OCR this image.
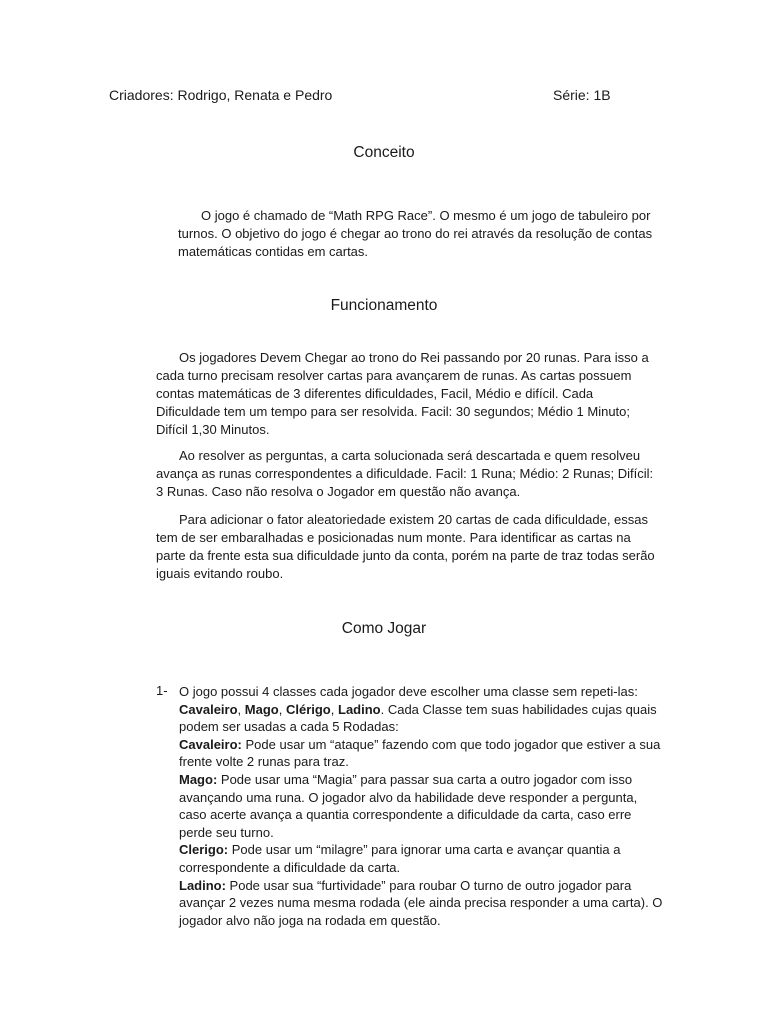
Criadores: Rodrigo, Renata e Pedro	Série: 1B
Conceito

O jogo é chamado de “Math RPG Race”. O mesmo é um jogo de tabuleiro por turnos. O objetivo do jogo é chegar ao trono do rei através da resolução de contas matemáticas contidas em cartas.

Funcionamento

Os jogadores Devem Chegar ao trono do Rei passando por 20 runas. Para isso a cada turno precisam resolver cartas para avançarem de runas. As cartas possuem contas matemáticas de 3 diferentes dificuldades, Facil, Médio e difícil. Cada Dificuldade tem um tempo para ser resolvida. Facil: 30 segundos; Médio 1 Minuto; Difícil 1,30 Minutos.

Ao resolver as perguntas, a carta solucionada será descartada e quem resolveu avança as runas correspondentes a dificuldade. Facil: 1 Runa; Médio: 2 Runas; Difícil: 3 Runas. Caso não resolva o Jogador em questão não avança.

Para adicionar o fator aleatoriedade existem 20 cartas de cada dificuldade, essas tem de ser embaralhadas e posicionadas num monte. Para identificar as cartas na parte da frente esta sua dificuldade junto da conta, porém na parte de traz todas serão iguais evitando roubo.

Como Jogar
1- O jogo possui 4 classes cada jogador deve escolher uma classe sem repeti-las:
Cavaleiro, Mago, Clérigo, Ladino. Cada Classe tem suas habilidades cujas quais podem ser usadas a cada 5 Rodadas:
Cavaleiro: Pode usar um “ataque” fazendo com que todo jogador que estiver a sua frente volte 2 runas para traz.
Mago: Pode usar uma “Magia” para passar sua carta a outro jogador com isso avançando uma runa. O jogador alvo da habilidade deve responder a pergunta, caso acerte avança a quantia correspondente a dificuldade da carta, caso erre perde seu turno.
Clerigo: Pode usar um “milagre” para ignorar uma carta e avançar quantia a correspondente a dificuldade da carta.
Ladino: Pode usar sua “furtividade” para roubar O turno de outro jogador para avançar 2 vezes numa mesma rodada (ele ainda precisa responder a uma carta). O jogador alvo não joga na rodada em questão.
